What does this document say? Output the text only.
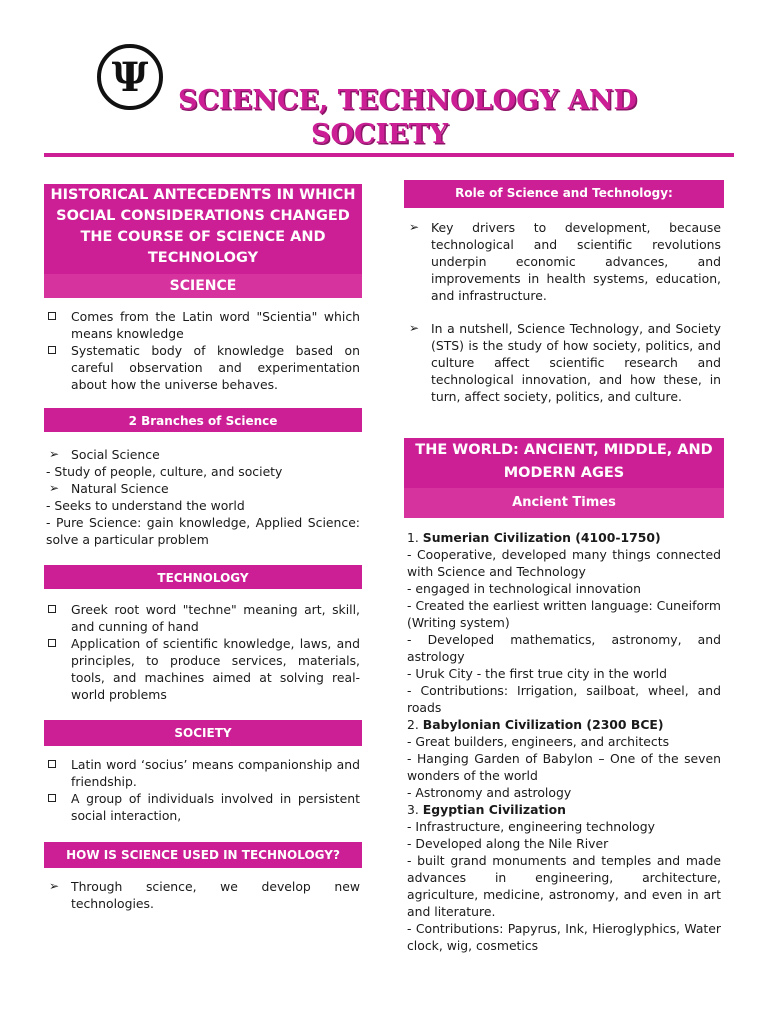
Ψ SCIENCE, TECHNOLOGY AND
SOCIETY
HISTORICAL ANTECEDENTS IN WHICH SOCIAL CONSIDERATIONS CHANGED THE COURSE OF SCIENCE AND TECHNOLOGY
SCIENCE
Comes from the Latin word "Scientia" which means knowledge
Systematic body of knowledge based on careful observation and experimentation about how the universe behaves.
2 Branches of Science
➢ Social Science
- Study of people, culture, and society
➢ Natural Science
- Seeks to understand the world
- Pure Science: gain knowledge, Applied Science: solve a particular problem
TECHNOLOGY
Greek root word "techne" meaning art, skill, and cunning of hand
Application of scientific knowledge, laws, and principles, to produce services, materials, tools, and machines aimed at solving real-world problems
SOCIETY
Latin word ‘socius’ means companionship and friendship.
A group of individuals involved in persistent social interaction,
HOW IS SCIENCE USED IN TECHNOLOGY?
➢ Through science, we develop new technologies.
Role of Science and Technology:
➢ Key drivers to development, because technological and scientific revolutions underpin economic advances, and improvements in health systems, education, and infrastructure.
➢ In a nutshell, Science Technology, and Society (STS) is the study of how society, politics, and culture affect scientific research and technological innovation, and how these, in turn, affect society, politics, and culture.
THE WORLD: ANCIENT, MIDDLE, AND MODERN AGES
Ancient Times
1. Sumerian Civilization (4100-1750)
- Cooperative, developed many things connected with Science and Technology
- engaged in technological innovation
- Created the earliest written language: Cuneiform (Writing system)
- Developed mathematics, astronomy, and astrology
- Uruk City - the first true city in the world
- Contributions: Irrigation, sailboat, wheel, and roads
2. Babylonian Civilization (2300 BCE)
- Great builders, engineers, and architects
- Hanging Garden of Babylon – One of the seven wonders of the world
- Astronomy and astrology
3. Egyptian Civilization
- Infrastructure, engineering technology
- Developed along the Nile River
- built grand monuments and temples and made advances in engineering, architecture, agriculture, medicine, astronomy, and even in art and literature.
- Contributions: Papyrus, Ink, Hieroglyphics, Water clock, wig, cosmetics
